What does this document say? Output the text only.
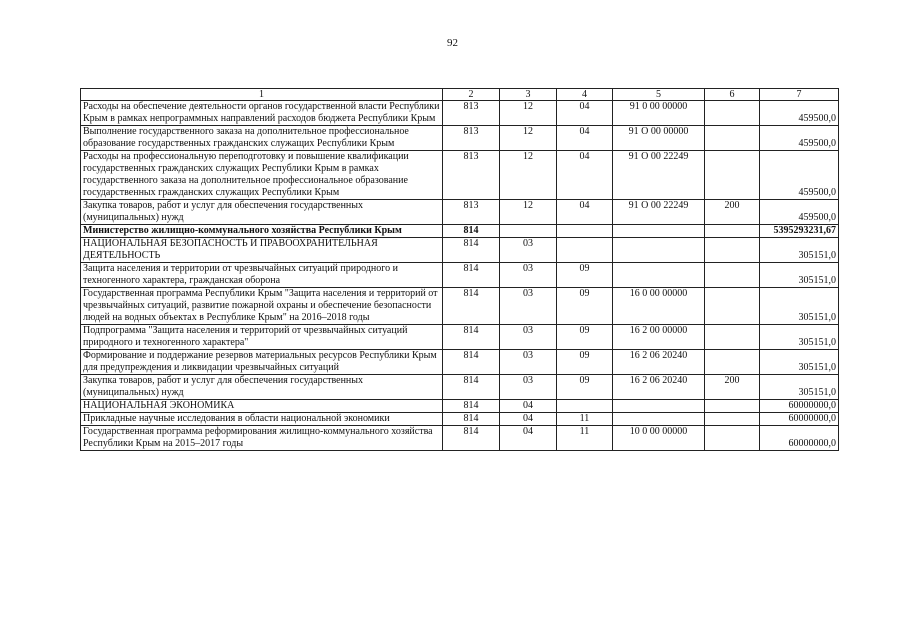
92
1	2	3	4	5	6	7
Расходы на обеспечение деятельности органов государственной власти Республики Крым в рамках непрограммных направлений расходов бюджета Республики Крым	813	12	04	91 0 00 00000		459500,0
Выполнение государственного заказа на дополнительное профессиональное образование государственных гражданских служащих Республики Крым	813	12	04	91 О 00 00000		459500,0
Расходы на профессиональную переподготовку и повышение квалификации государственных гражданских служащих Республики Крым в рамках государственного заказа на дополнительное профессиональное образование государственных гражданских служащих Республики Крым	813	12	04	91 О 00 22249		459500,0
Закупка товаров, работ и услуг для обеспечения государственных (муниципальных) нужд	813	12	04	91 О 00 22249	200	459500,0
Министерство жилищно-коммунального хозяйства Республики Крым	814					5395293231,67
НАЦИОНАЛЬНАЯ БЕЗОПАСНОСТЬ И ПРАВООХРАНИТЕЛЬНАЯ ДЕЯТЕЛЬНОСТЬ	814	03				305151,0
Защита населения и территории от чрезвычайных ситуаций природного и техногенного характера, гражданская оборона	814	03	09			305151,0
Государственная программа Республики Крым "Защита населения и территорий от чрезвычайных ситуаций, развитие пожарной охраны и обеспечение безопасности людей на водных объектах в Республике Крым" на 2016–2018 годы	814	03	09	16 0 00 00000		305151,0
Подпрограмма "Защита населения и территорий от чрезвычайных ситуаций природного и техногенного характера"	814	03	09	16 2 00 00000		305151,0
Формирование и поддержание резервов материальных ресурсов Республики Крым для предупреждения и ликвидации чрезвычайных ситуаций	814	03	09	16 2 06 20240		305151,0
Закупка товаров, работ и услуг для обеспечения государственных (муниципальных) нужд	814	03	09	16 2 06 20240	200	305151,0
НАЦИОНАЛЬНАЯ ЭКОНОМИКА	814	04				60000000,0
Прикладные научные исследования в области национальной экономики	814	04	11			60000000,0
Государственная программа реформирования жилищно-коммунального хозяйства Республики Крым на 2015–2017 годы	814	04	11	10 0 00 00000		60000000,0
